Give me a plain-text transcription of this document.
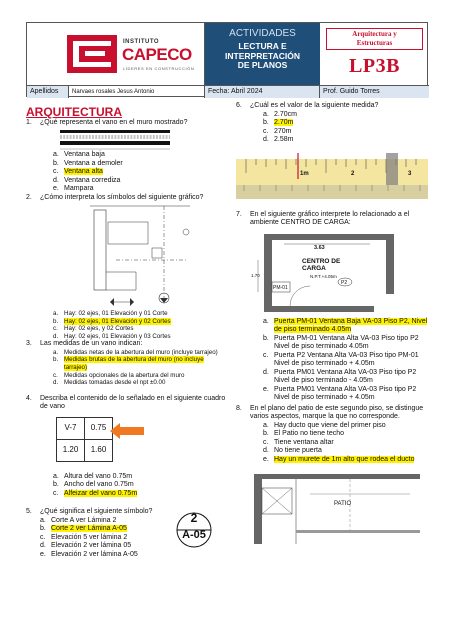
INSTITUTO
CAPECO
LÍDERES EN CONSTRUCCIÓN
ACTIVIDADES
LECTURA E
INTERPRETACIÓN
DE PLANOS
Arquitectura y
Estructuras
LP3B
Apellidos	Narvaes rosales Jesus Antonio	Fecha: Abril 2024	Prof. Guido Torres
ARQUITECTURA
1. ¿Qué representa el vano en el muro mostrado?
a. Ventana baja
b. Ventana a demoler
c. Ventana alta
d. Ventana corrediza
e. Mampara
2. ¿Cómo interpreta los símbolos del siguiente gráfico?
a. Hay: 02 ejes, 01 Elevación y 01 Corte
b. Hay: 02 ejes, 01 Elevación y 02 Cortes
c. Hay: 02 ejes, y 02 Cortes
d. Hay: 02 ejes, 01 Elevación y 03 Cortes
3. Las medidas de un vano indican:
a. Medidas netas de la abertura del muro (incluye tarrajeo)
b. Medidas brutas de la abertura del muro (no incluye tarrajeo)
c. Medidas opcionales de la abertura del muro
d. Medidas tomadas desde el npt ±0.00
4. Describa el contenido de lo señalado en el siguiente cuadro de vano
V-7	0.75
1.20	1.60
a. Altura del vano 0.75m
b. Ancho del vano 0.75m
c. Alfeizar del vano 0.75m
5. ¿Qué significa el siguiente símbolo?
a. Corte A ver Lámina 2
b. Corte 2 ver Lámina A-05
c. Elevación 5 ver lámina 2
d. Elevación 2 ver lámina 05
e. Elevación 2 ver lámina A-05
2
A-05
6. ¿Cuál es el valor de la siguiente medida?
a. 2.70cm
b. 2.70m
c. 270m
d. 2.58m
1m	2	3
7. En el siguiente gráfico interprete lo relacionado a el ambiente CENTRO DE CARGA:
3.63
CENTRO DE CARGA
N.P.T.+4.05m
1.70
PM-01
P2
a. Puerta PM-01 Ventana Baja VA-03 Piso P2, Nivel de piso terminado 4.05m
b. Puerta PM-01 Ventana Alta VA-03 Piso tipo P2 Nivel de piso terminado 4.05m
c. Puerta P2 Ventana Alta VA-03 Piso tipo PM-01 Nivel de piso terminado + 4.05m
d. Puerta PM01 Ventana Alta VA-03 Piso tipo P2 Nivel de piso terminado - 4.05m
e. Puerta PM01 Ventana Alta VA-03 Piso tipo P2 Nivel de piso terminado + 4.05m
8. En el plano del patio de este segundo piso, se distingue varios aspectos, marque la que no corresponde.
a. Hay ducto que viene del primer piso
b. El Patio no tiene techo
c. Tiene ventana altar
d. No tiene puerta
e. Hay un murete de 1m alto que rodea el ducto
PATIO
